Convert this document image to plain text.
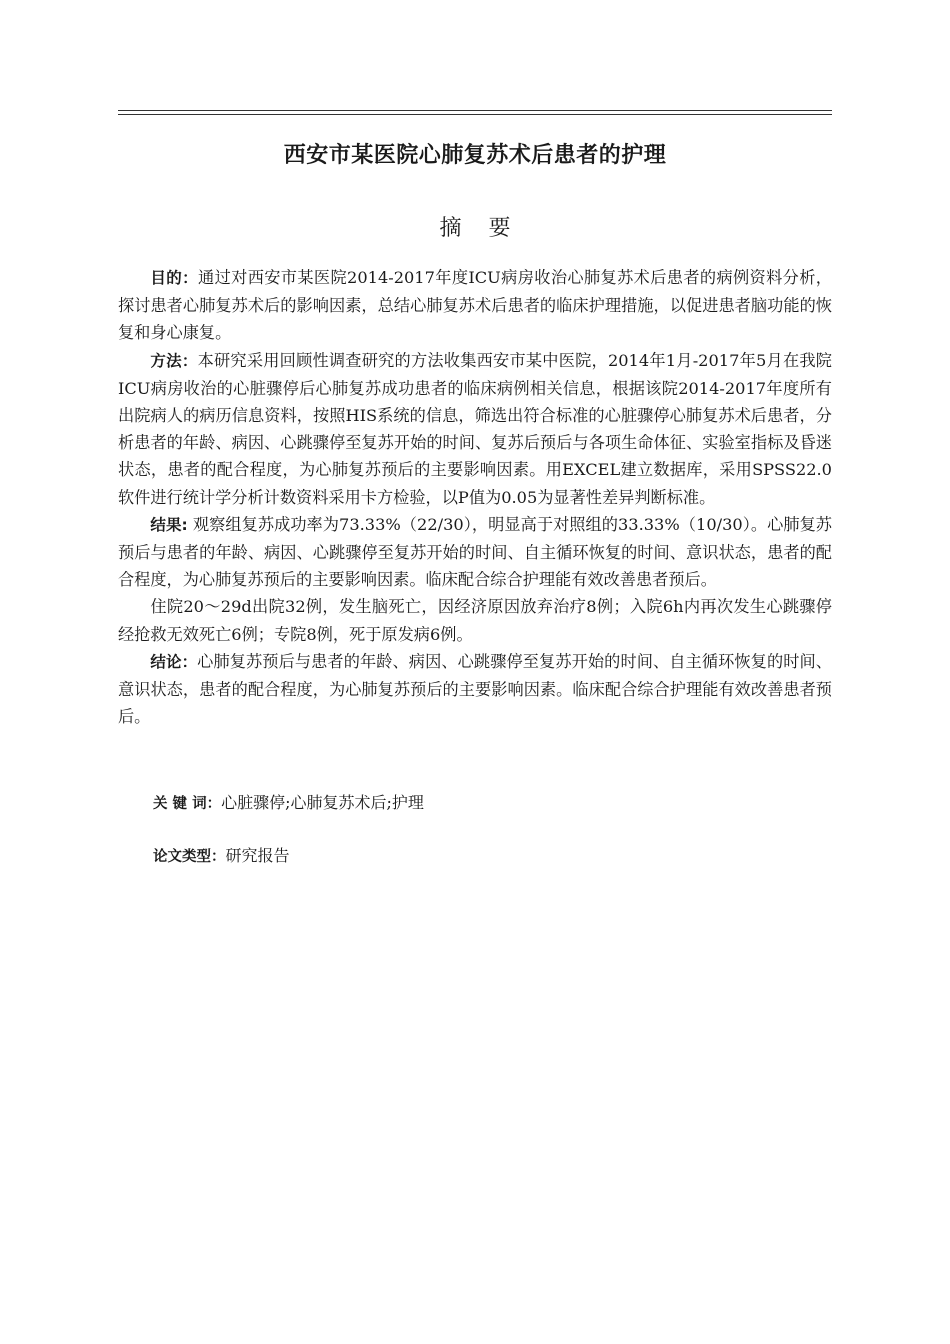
西安市某医院心肺复苏术后患者的护理
摘 要

目的：通过对西安市某医院2014-2017年度ICU病房收治心肺复苏术后患者的病例资料分析，探讨患者心肺复苏术后的影响因素，总结心肺复苏术后患者的临床护理措施，以促进患者脑功能的恢复和身心康复。

方法：本研究采用回顾性调查研究的方法收集西安市某中医院，2014年1月-2017年5月在我院ICU病房收治的心脏骤停后心肺复苏成功患者的临床病例相关信息，根据该院2014-2017年度所有出院病人的病历信息资料，按照HIS系统的信息，筛选出符合标准的心脏骤停心肺复苏术后患者，分析患者的年龄、病因、心跳骤停至复苏开始的时间、复苏后预后与各项生命体征、实验室指标及昏迷状态，患者的配合程度，为心肺复苏预后的主要影响因素。用EXCEL建立数据库，采用SPSS22.0软件进行统计学分析计数资料采用卡方检验，以P值为0.05为显著性差异判断标准。

结果: 观察组复苏成功率为73.33%（22/30），明显高于对照组的33.33%（10/30）。心肺复苏预后与患者的年龄、病因、心跳骤停至复苏开始的时间、自主循环恢复的时间、意识状态，患者的配合程度，为心肺复苏预后的主要影响因素。临床配合综合护理能有效改善患者预后。

住院20～29d出院32例，发生脑死亡，因经济原因放弃治疗8例；入院6h内再次发生心跳骤停经抢救无效死亡6例；专院8例，死于原发病6例。

结论：心肺复苏预后与患者的年龄、病因、心跳骤停至复苏开始的时间、自主循环恢复的时间、意识状态，患者的配合程度，为心肺复苏预后的主要影响因素。临床配合综合护理能有效改善患者预后。

关 键 词：心脏骤停;心肺复苏术后;护理
论文类型：研究报告
